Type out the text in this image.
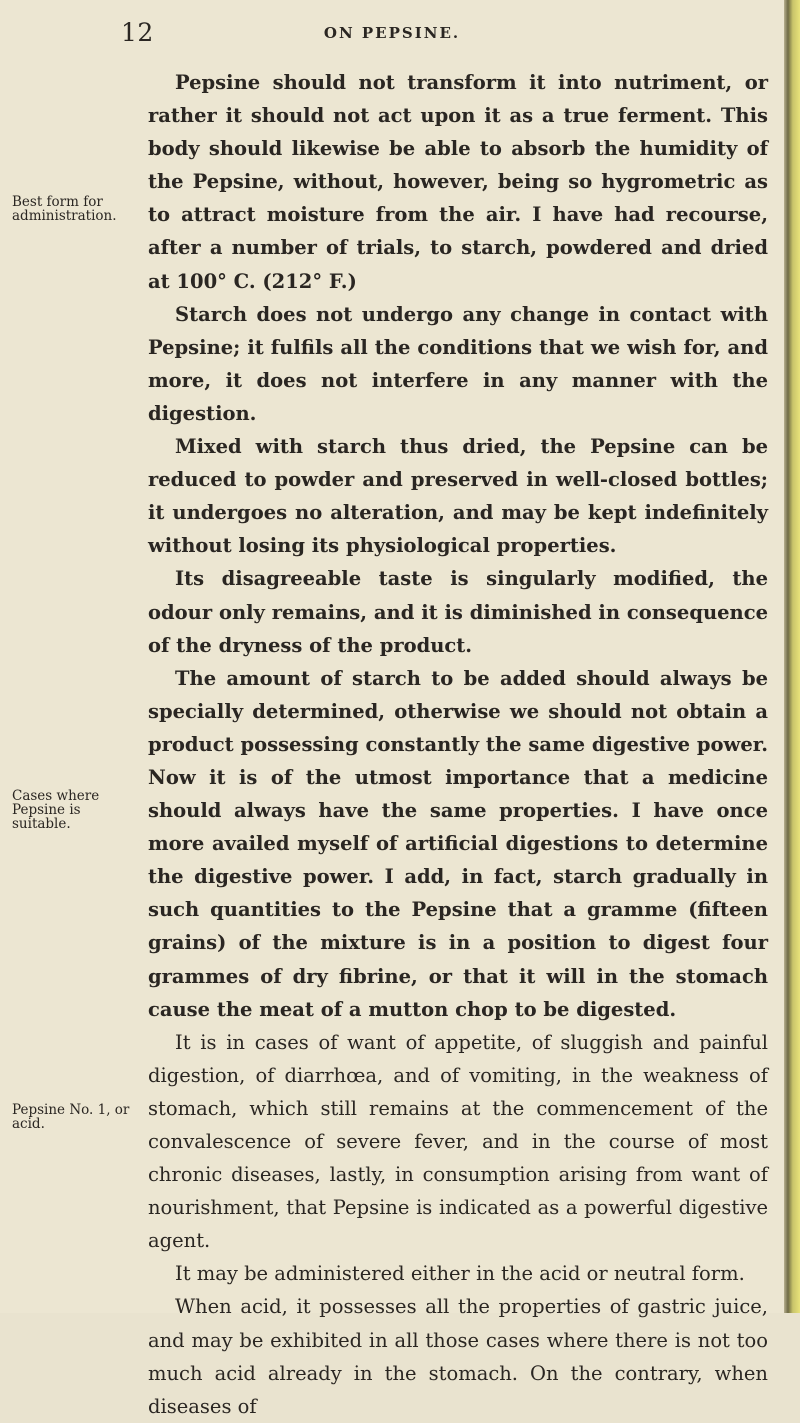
12	ON PEPSINE.
Best form for administration.
Cases where Pepsine is suitable.
Pepsine No. 1, or acid.

Pepsine should not transform it into nutriment, or rather it should not act upon it as a true ferment. This body should likewise be able to absorb the humidity of the Pepsine, without, however, being so hygrometric as to attract moisture from the air. I have had recourse, after a number of trials, to starch, powdered and dried at 100° C. (212° F.)

Starch does not undergo any change in contact with Pepsine; it fulfils all the conditions that we wish for, and more, it does not interfere in any manner with the digestion.

Mixed with starch thus dried, the Pepsine can be reduced to powder and preserved in well-closed bottles; it undergoes no alteration, and may be kept indefinitely without losing its physiological properties.

Its disagreeable taste is singularly modified, the odour only remains, and it is diminished in consequence of the dryness of the product.

The amount of starch to be added should always be specially determined, otherwise we should not obtain a product possessing constantly the same digestive power. Now it is of the utmost importance that a medicine should always have the same properties. I have once more availed myself of artificial digestions to determine the digestive power. I add, in fact, starch gradually in such quantities to the Pepsine that a gramme (fifteen grains) of the mixture is in a position to digest four grammes of dry fibrine, or that it will in the stomach cause the meat of a mutton chop to be digested.

It is in cases of want of appetite, of sluggish and painful digestion, of diarrhœa, and of vomiting, in the weakness of stomach, which still remains at the commencement of the convalescence of severe fever, and in the course of most chronic diseases, lastly, in consumption arising from want of nourishment, that Pepsine is indicated as a powerful digestive agent.

It may be administered either in the acid or neutral form.

When acid, it possesses all the properties of gastric juice, and may be exhibited in all those cases where there is not too much acid already in the stomach. On the contrary, when diseases of
